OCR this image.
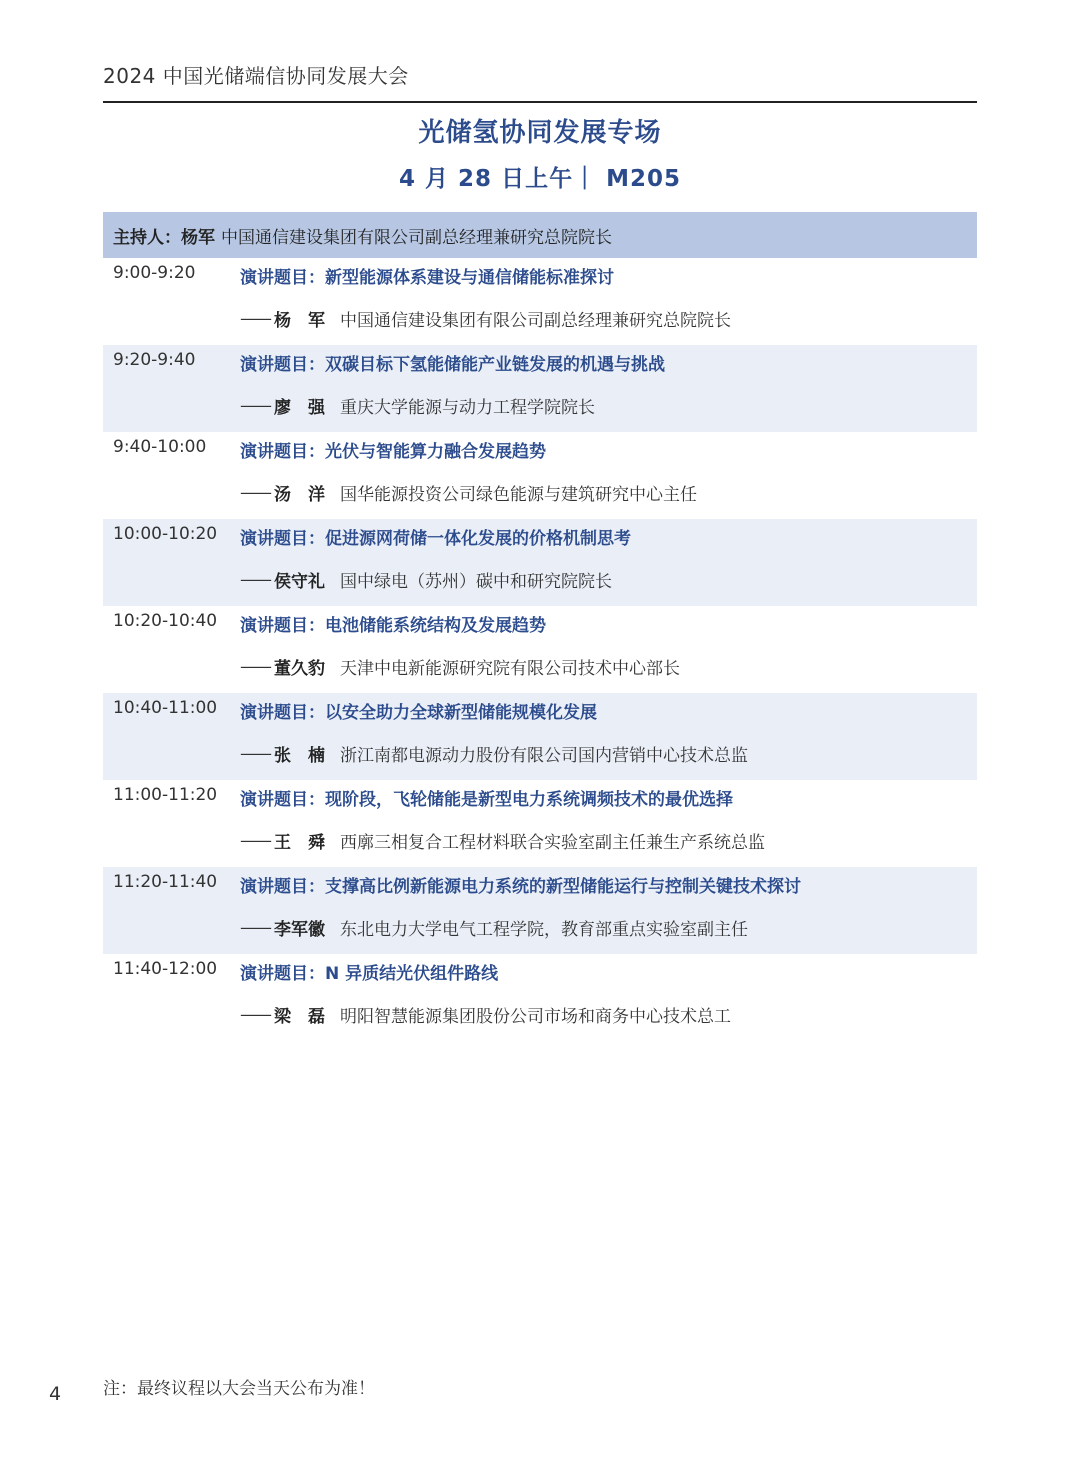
2024 中国光储端信协同发展大会
光储氢协同发展专场
4 月 28 日上午｜ M205
主持人： 杨军 中国通信建设集团有限公司副总经理兼研究总院院长
9:00-9:20	演讲题目：新型能源体系建设与通信储能标准探讨
—— 杨　军 中国通信建设集团有限公司副总经理兼研究总院院长
9:20-9:40	演讲题目：双碳目标下氢能储能产业链发展的机遇与挑战
—— 廖　强 重庆大学能源与动力工程学院院长
9:40-10:00 演讲题目：光伏与智能算力融合发展趋势
—— 汤　洋 国华能源投资公司绿色能源与建筑研究中心主任
10:00-10:20 演讲题目：促进源网荷储一体化发展的价格机制思考
—— 侯守礼 国中绿电（苏州）碳中和研究院院长
10:20-10:40 演讲题目：电池储能系统结构及发展趋势
—— 董久豹 天津中电新能源研究院有限公司技术中心部长
10:40-11:00 演讲题目：以安全助力全球新型储能规模化发展
—— 张　楠 浙江南都电源动力股份有限公司国内营销中心技术总监
11:00-11:20 演讲题目：现阶段，飞轮储能是新型电力系统调频技术的最优选择
—— 王　舜 西廓三相复合工程材料联合实验室副主任兼生产系统总监
11:20-11:40 演讲题目：支撑高比例新能源电力系统的新型储能运行与控制关键技术探讨
—— 李军徽 东北电力大学电气工程学院，教育部重点实验室副主任
11:40-12:00 演讲题目：N 异质结光伏组件路线
—— 梁　磊 明阳智慧能源集团股份公司市场和商务中心技术总工
注：最终议程以大会当天公布为准！
4
